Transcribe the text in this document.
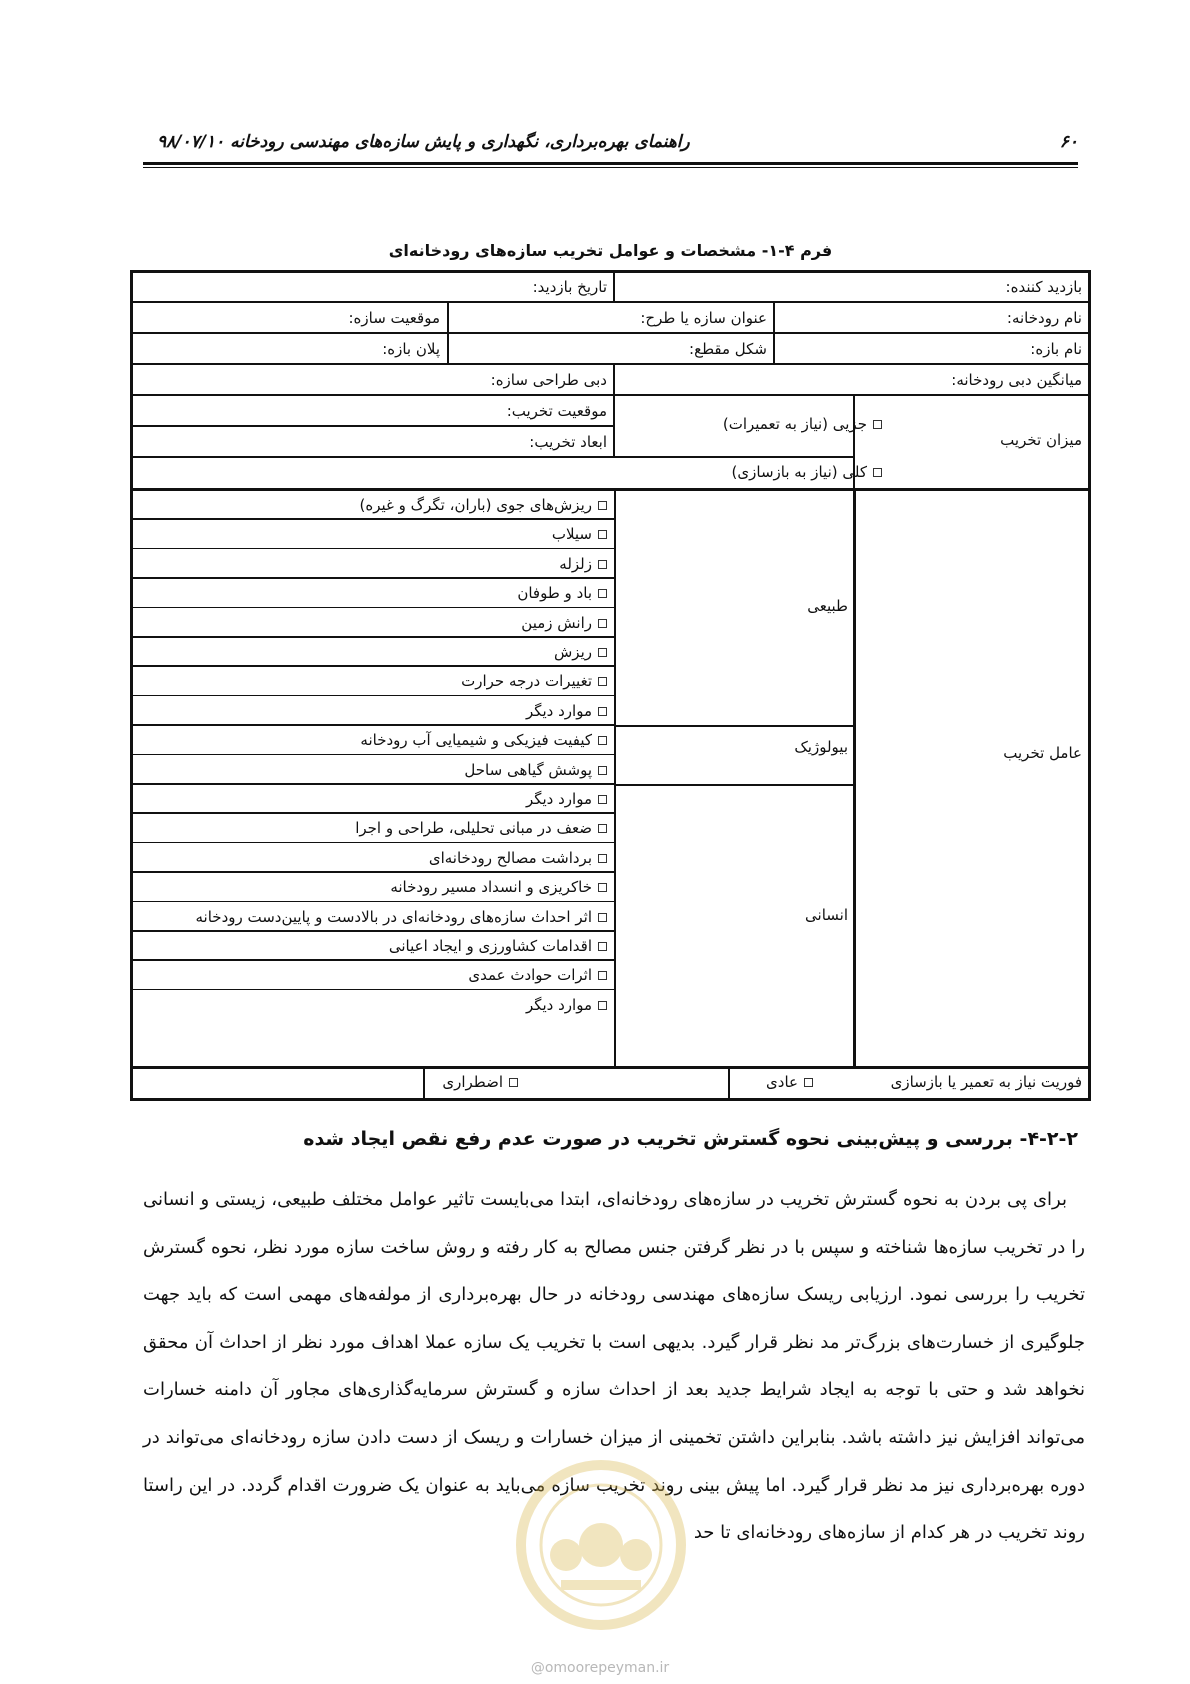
۶۰
راهنمای بهره‌برداری، نگهداری و پایش سازه‌های مهندسی رودخانه ۹۸/۰۷/۱۰
فرم ۴-۱- مشخصات و عوامل تخریب سازه‌های رودخانه‌ای
بازدید کننده:
تاریخ بازدید:
نام رودخانه:
عنوان سازه یا طرح:
موقعیت سازه:
نام بازه:
شکل مقطع:
پلان بازه:
میانگین دبی رودخانه:
دبی طراحی سازه:
میزان تخریب
جزیی (نیاز به تعمیرات)
کلی (نیاز به بازسازی)
موقعیت تخریب:
ابعاد تخریب:
عامل تخریب
طبیعی
بیولوژیک
انسانی
ریزش‌های جوی (باران، تگرگ و غیره)
سیلاب
زلزله
باد و طوفان
رانش زمین
ریزش
تغییرات درجه حرارت
موارد دیگر
کیفیت فیزیکی و شیمیایی آب رودخانه
پوشش گیاهی ساحل
موارد دیگر
ضعف در مبانی تحلیلی، طراحی و اجرا
برداشت مصالح رودخانه‌ای
خاکریزی و انسداد مسیر رودخانه
اثر احداث سازه‌های رودخانه‌ای در بالادست و پایین‌دست رودخانه
اقدامات کشاورزی و ایجاد اعیانی
اثرات حوادث عمدی
موارد دیگر
فوریت نیاز به تعمیر یا بازسازی
عادی
اضطراری
۴-۲-۲- بررسی و پیش‌بینی نحوه گسترش تخریب در صورت عدم رفع نقص ایجاد شده

برای پی بردن به نحوه گسترش تخریب در سازه‌های رودخانه‌ای، ابتدا می‌بایست تاثیر عوامل مختلف طبیعی، زیستی و انسانی را در تخریب سازه‌ها شناخته و سپس با در نظر گرفتن جنس مصالح به کار رفته و روش ساخت سازه مورد نظر، نحوه گسترش تخریب را بررسی نمود. ارزیابی ریسک سازه‌های مهندسی رودخانه در حال بهره‌برداری از مولفه‌های مهمی است که باید جهت جلوگیری از خسارت‌های بزرگ‌تر مد نظر قرار گیرد. بدیهی است با تخریب یک سازه عملا اهداف مورد نظر از احداث آن محقق نخواهد شد و حتی با توجه به ایجاد شرایط جدید بعد از احداث سازه و گسترش سرمایه‌گذاری‌های مجاور آن دامنه خسارات می‌تواند افزایش نیز داشته باشد. بنابراین داشتن تخمینی از میزان خسارات و ریسک از دست دادن سازه رودخانه‌ای می‌تواند در دوره بهره‌برداری نیز مد نظر قرار گیرد. اما پیش بینی روند تخریب سازه می‌باید به عنوان یک ضرورت اقدام گردد. در این راستا روند تخریب در هر کدام از سازه‌های رودخانه‌ای تا حد

@omoorepeyman.ir
